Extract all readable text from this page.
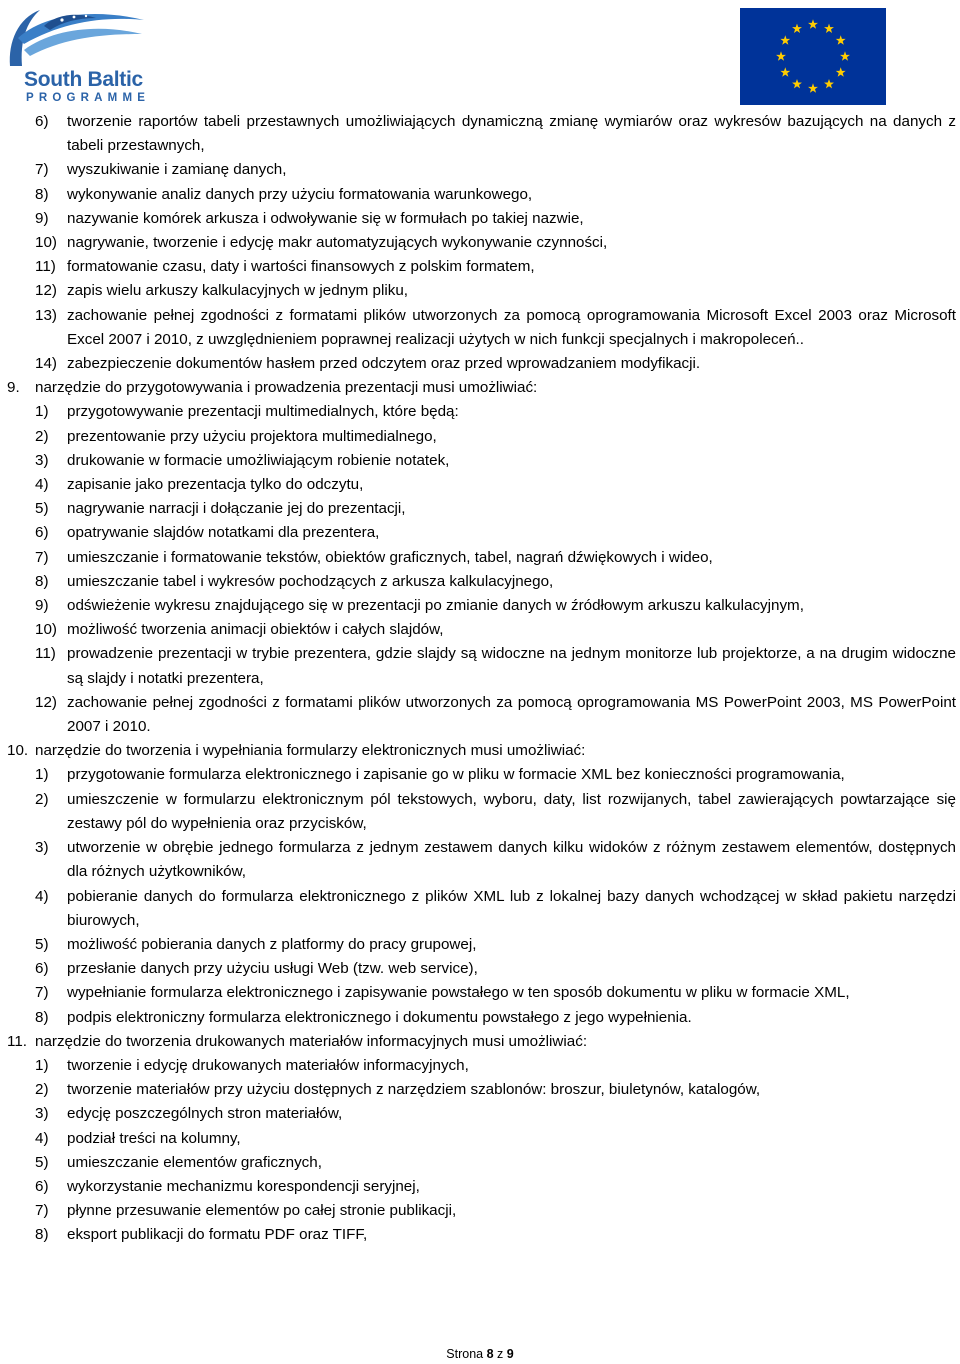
South Baltic
PROGRAMME
6) tworzenie raportów tabeli przestawnych umożliwiających dynamiczną zmianę wymiarów oraz wykresów bazujących na danych z tabeli przestawnych,
7) wyszukiwanie i zamianę danych,
8) wykonywanie analiz danych przy użyciu formatowania warunkowego,
9) nazywanie komórek arkusza i odwoływanie się w formułach po takiej nazwie,
10) nagrywanie, tworzenie i edycję makr automatyzujących wykonywanie czynności,
11) formatowanie czasu, daty i wartości finansowych z polskim formatem,
12) zapis wielu arkuszy kalkulacyjnych w jednym pliku,
13) zachowanie pełnej zgodności z formatami plików utworzonych za pomocą oprogramowania Microsoft Excel 2003 oraz Microsoft Excel 2007 i 2010, z uwzględnieniem poprawnej realizacji użytych w nich funkcji specjalnych i makropoleceń..
14) zabezpieczenie dokumentów hasłem przed odczytem oraz przed wprowadzaniem modyfikacji.
9. narzędzie do przygotowywania i prowadzenia prezentacji musi umożliwiać:
1) przygotowywanie prezentacji multimedialnych, które będą:
2) prezentowanie przy użyciu projektora multimedialnego,
3) drukowanie w formacie umożliwiającym robienie notatek,
4) zapisanie jako prezentacja tylko do odczytu,
5) nagrywanie narracji i dołączanie jej do prezentacji,
6) opatrywanie slajdów notatkami dla prezentera,
7) umieszczanie i formatowanie tekstów, obiektów graficznych, tabel, nagrań dźwiękowych i wideo,
8) umieszczanie tabel i wykresów pochodzących z arkusza kalkulacyjnego,
9) odświeżenie wykresu znajdującego się w prezentacji po zmianie danych w źródłowym arkuszu kalkulacyjnym,
10) możliwość tworzenia animacji obiektów i całych slajdów,
11) prowadzenie prezentacji w trybie prezentera, gdzie slajdy są widoczne na jednym monitorze lub projektorze, a na drugim widoczne są slajdy i notatki prezentera,
12) zachowanie pełnej zgodności z formatami plików utworzonych za pomocą oprogramowania MS PowerPoint 2003, MS PowerPoint 2007 i 2010.
10. narzędzie do tworzenia i wypełniania formularzy elektronicznych musi umożliwiać:
1) przygotowanie formularza elektronicznego i zapisanie go w pliku w formacie XML bez konieczności programowania,
2) umieszczenie w formularzu elektronicznym pól tekstowych, wyboru, daty, list rozwijanych, tabel zawierających powtarzające się zestawy pól do wypełnienia oraz przycisków,
3) utworzenie w obrębie jednego formularza z jednym zestawem danych kilku widoków z różnym zestawem elementów, dostępnych dla różnych użytkowników,
4) pobieranie danych do formularza elektronicznego z plików XML lub z lokalnej bazy danych wchodzącej w skład pakietu narzędzi biurowych,
5) możliwość pobierania danych z platformy do pracy grupowej,
6) przesłanie danych przy użyciu usługi Web (tzw. web service),
7) wypełnianie formularza elektronicznego i zapisywanie powstałego w ten sposób dokumentu w pliku w formacie XML,
8) podpis elektroniczny formularza elektronicznego i dokumentu powstałego z jego wypełnienia.
11. narzędzie do tworzenia drukowanych materiałów informacyjnych musi umożliwiać:
1) tworzenie i edycję drukowanych materiałów informacyjnych,
2) tworzenie materiałów przy użyciu dostępnych z narzędziem szablonów: broszur, biuletynów, katalogów,
3) edycję poszczególnych stron materiałów,
4) podział treści na kolumny,
5) umieszczanie elementów graficznych,
6) wykorzystanie mechanizmu korespondencji seryjnej,
7) płynne przesuwanie elementów po całej stronie publikacji,
8) eksport publikacji do formatu PDF oraz TIFF,
Strona 8 z 9
